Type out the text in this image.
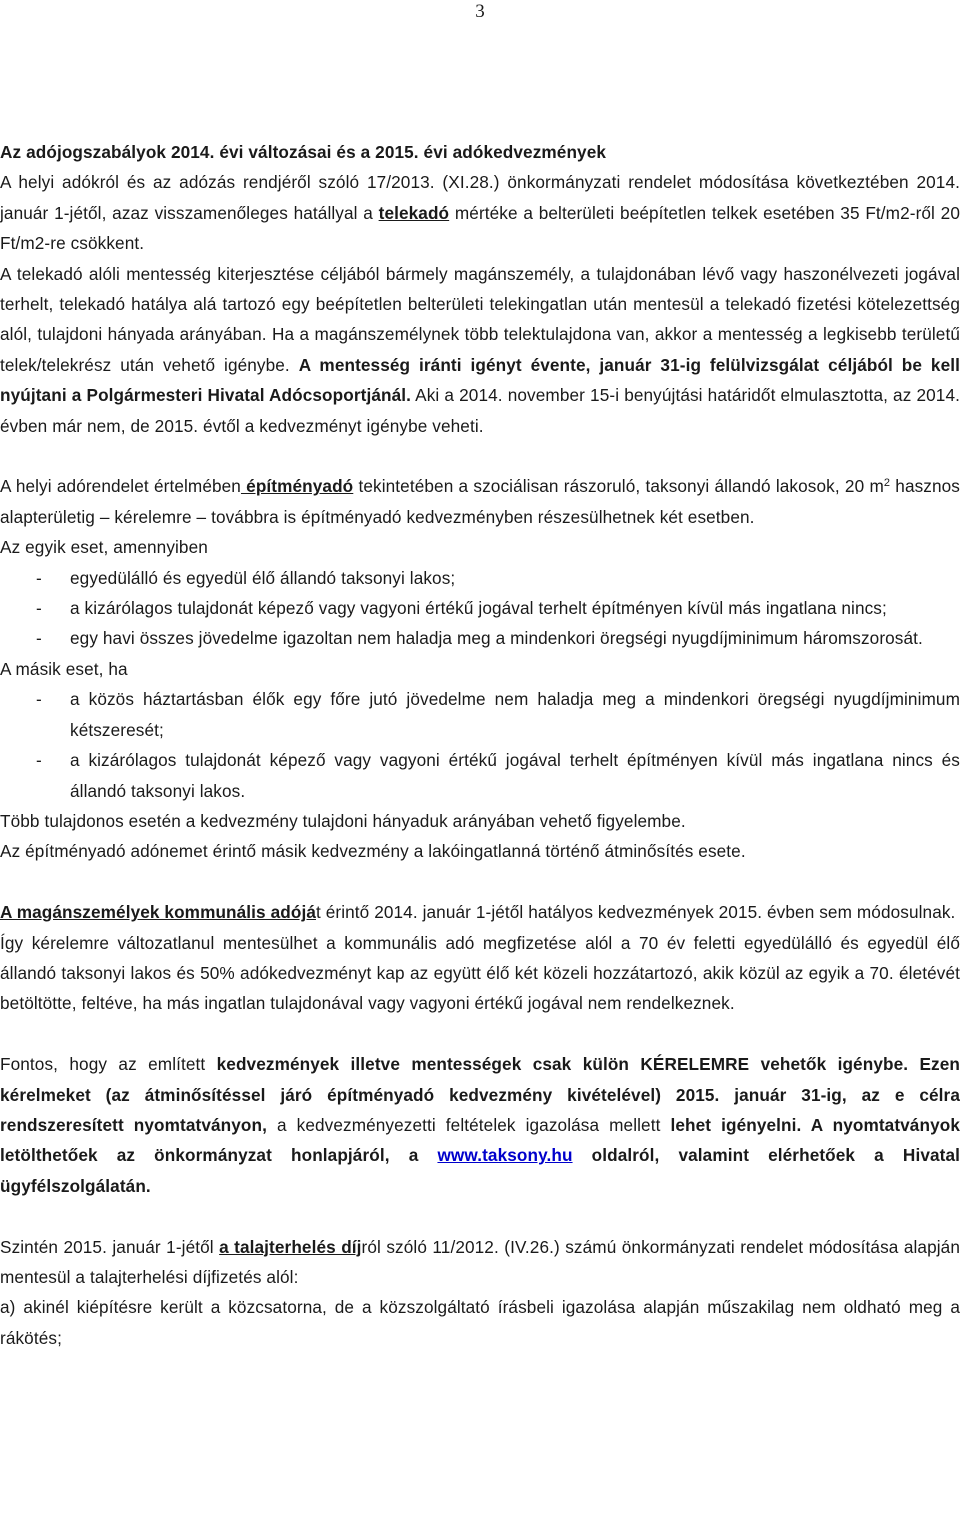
3

Az adójogszabályok 2014. évi változásai és a 2015. évi adókedvezmények

A helyi adókról és az adózás rendjéről szóló 17/2013. (XI.28.) önkormányzati rendelet módosítása következtében 2014. január 1-jétől, azaz visszamenőleges hatállyal a telekadó mértéke a belterületi beépítetlen telkek esetében 35 Ft/m2-ről 20 Ft/m2-re csökkent.

A telekadó alóli mentesség kiterjesztése céljából bármely magánszemély, a tulajdonában lévő vagy haszonélvezeti jogával terhelt, telekadó hatálya alá tartozó egy beépítetlen belterületi telekingatlan után mentesül a telekadó fizetési kötelezettség alól, tulajdoni hányada arányában. Ha a magánszemélynek több telektulajdona van, akkor a mentesség a legkisebb területű telek/telekrész után vehető igénybe. A mentesség iránti igényt évente, január 31-ig felülvizsgálat céljából be kell nyújtani a Polgármesteri Hivatal Adócsoportjánál. Aki a 2014. november 15-i benyújtási határidőt elmulasztotta, az 2014. évben már nem, de 2015. évtől a kedvezményt igénybe veheti.

A helyi adórendelet értelmében építményadó tekintetében a szociálisan rászoruló, taksonyi állandó lakosok, 20 $m^2$ hasznos alapterületig – kérelemre – továbbra is építményadó kedvezményben részesülhetnek két esetben.

Az egyik eset, amennyiben

-	egyedülálló és egyedül élő állandó taksonyi lakos;
-	a kizárólagos tulajdonát képező vagy vagyoni értékű jogával terhelt építményen kívül más ingatlana nincs;
-	egy havi összes jövedelme igazoltan nem haladja meg a mindenkori öregségi nyugdíjminimum háromszorosát.

A másik eset, ha

-	a közös háztartásban élők egy főre jutó jövedelme nem haladja meg a mindenkori öregségi nyugdíjminimum kétszeresét;
-	a kizárólagos tulajdonát képező vagy vagyoni értékű jogával terhelt építményen kívül más ingatlana nincs és állandó taksonyi lakos.

Több tulajdonos esetén a kedvezmény tulajdoni hányaduk arányában vehető figyelembe.

Az építményadó adónemet érintő másik kedvezmény a lakóingatlanná történő átminősítés esete.

A magánszemélyek kommunális adóját érintő 2014. január 1-jétől hatályos kedvezmények 2015. évben sem módosulnak.

Így kérelemre változatlanul mentesülhet a kommunális adó megfizetése alól a 70 év feletti egyedülálló és egyedül élő állandó taksonyi lakos és 50% adókedvezményt kap az együtt élő két közeli hozzátartozó, akik közül az egyik a 70. életévét betöltötte, feltéve, ha más ingatlan tulajdonával vagy vagyoni értékű jogával nem rendelkeznek.

Fontos, hogy az említett kedvezmények illetve mentességek csak külön KÉRELEMRE vehetők igénybe. Ezen kérelmeket (az átminősítéssel járó építményadó kedvezmény kivételével) 2015. január 31-ig, az e célra rendszeresített nyomtatványon, a kedvezményezetti feltételek igazolása mellett lehet igényelni. A nyomtatványok letölthetőek az önkormányzat honlapjáról, a www.taksony.hu oldalról, valamint elérhetőek a Hivatal ügyfélszolgálatán.

Szintén 2015. január 1-jétől a talajterhelés díjról szóló 11/2012. (IV.26.) számú önkormányzati rendelet módosítása alapján mentesül a talajterhelési díjfizetés alól:

a) akinél kiépítésre került a közcsatorna, de a közszolgáltató írásbeli igazolása alapján műszakilag nem oldható meg a rákötés;
